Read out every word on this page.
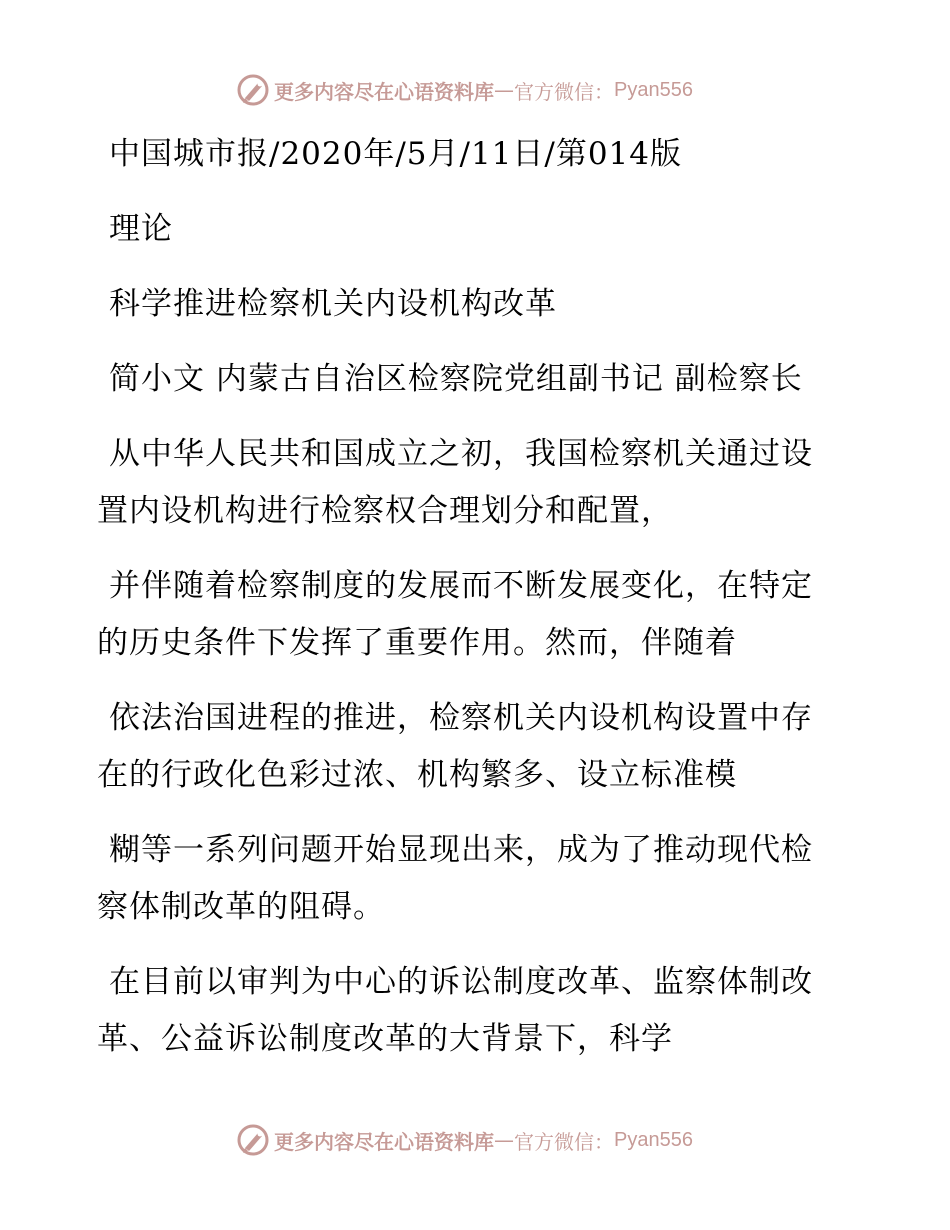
更多内容尽在心语资料库 — 官方微信： Pyan556

中国城市报/2020年/5月/11日/第014版

理论

科学推进检察机关内设机构改革

简小文 内蒙古自治区检察院党组副书记 副检察长

从中华人民共和国成立之初，我国检察机关通过设置内设机构进行检察权合理划分和配置，

并伴随着检察制度的发展而不断发展变化，在特定的历史条件下发挥了重要作用。然而，伴随着

依法治国进程的推进，检察机关内设机构设置中存在的行政化色彩过浓、机构繁多、设立标准模

糊等一系列问题开始显现出来，成为了推动现代检察体制改革的阻碍。

在目前以审判为中心的诉讼制度改革、监察体制改革、公益诉讼制度改革的大背景下，科学

更多内容尽在心语资料库 — 官方微信： Pyan556
